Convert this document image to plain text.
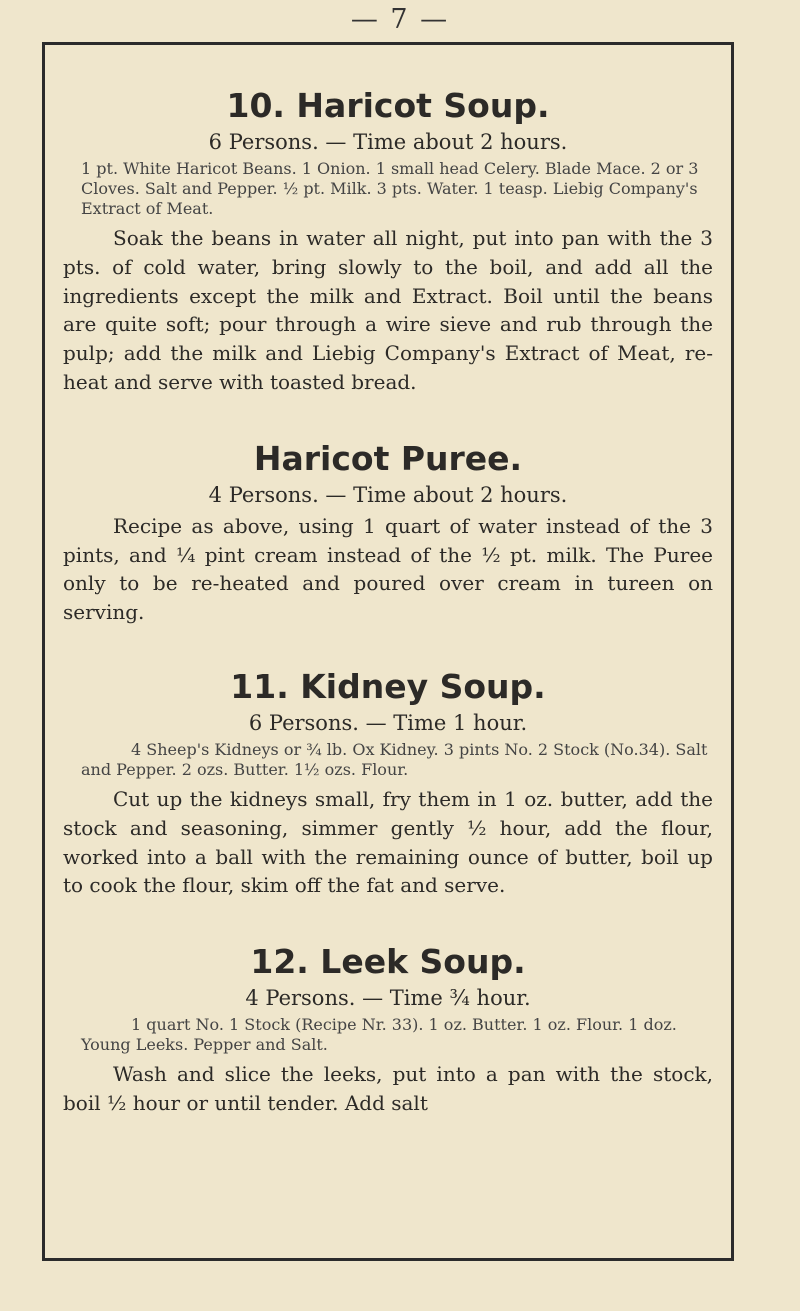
— 7 —
10. Haricot Soup.

6 Persons. — Time about 2 hours.

1 pt. White Haricot Beans. 1 Onion. 1 small head Celery. Blade Mace. 2 or 3 Cloves. Salt and Pepper. ½ pt. Milk. 3 pts. Water. 1 teasp. Liebig Company's Extract of Meat.

Soak the beans in water all night, put into pan with the 3 pts. of cold water, bring slowly to the boil, and add all the ingredients except the milk and Extract. Boil until the beans are quite soft; pour through a wire sieve and rub through the pulp; add the milk and Liebig Company's Extract of Meat, re-heat and serve with toasted bread.

Haricot Puree.

4 Persons. — Time about 2 hours.

Recipe as above, using 1 quart of water instead of the 3 pints, and ¼ pint cream instead of the ½ pt. milk. The Puree only to be re-heated and poured over cream in tureen on serving.

11. Kidney Soup.

6 Persons. — Time 1 hour.

4 Sheep's Kidneys or ¾ lb. Ox Kidney. 3 pints No. 2 Stock (No.34). Salt and Pepper. 2 ozs. Butter. 1½ ozs. Flour.

Cut up the kidneys small, fry them in 1 oz. butter, add the stock and seasoning, simmer gently ½ hour, add the flour, worked into a ball with the remaining ounce of butter, boil up to cook the flour, skim off the fat and serve.

12. Leek Soup.

4 Persons. — Time ¾ hour.

1 quart No. 1 Stock (Recipe Nr. 33). 1 oz. Butter. 1 oz. Flour. 1 doz. Young Leeks. Pepper and Salt.

Wash and slice the leeks, put into a pan with the stock, boil ½ hour or until tender. Add salt
